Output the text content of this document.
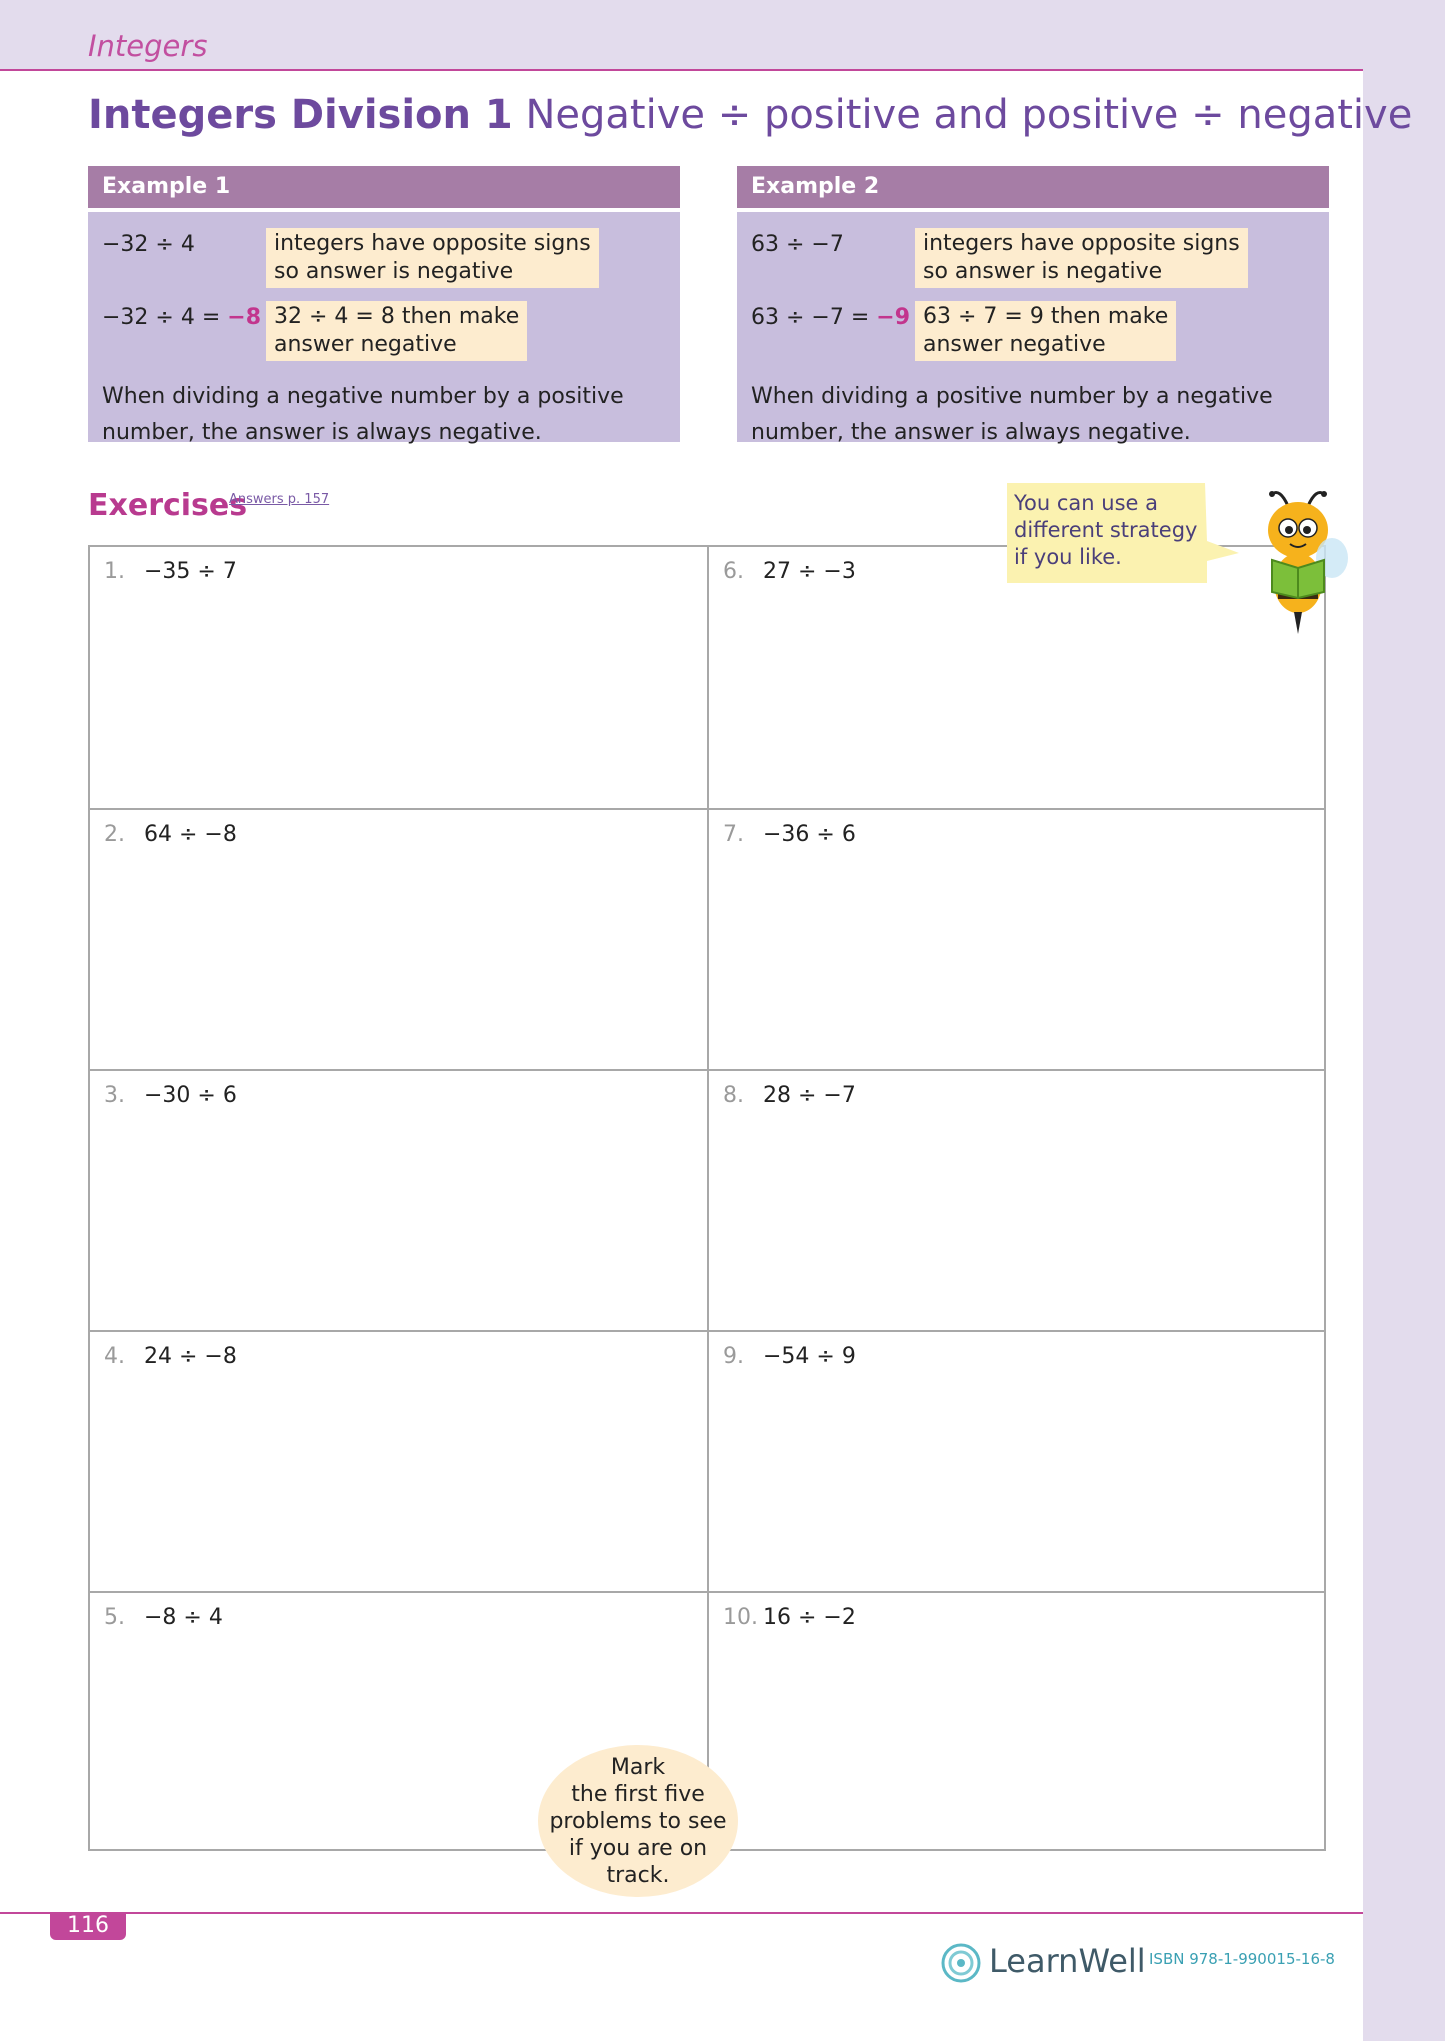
Integers
Integers Division 1 Negative ÷ positive and positive ÷ negative
Example 1
−32 ÷ 4	integers have opposite signs
so answer is negative
−32 ÷ 4 = −8 32 ÷ 4 = 8 then make
answer negative
When dividing a negative number by a positive
number, the answer is always negative.
Example 2
63 ÷ −7	integers have opposite signs
so answer is negative
63 ÷ −7 = −9 63 ÷ 7 = 9 then make
answer negative
When dividing a positive number by a negative
number, the answer is always negative.
Exercises
Answers p. 157
1. −35 ÷ 7
2. 64 ÷ −8
3. −30 ÷ 6
4. 24 ÷ −8
5. −8 ÷ 4
6. 27 ÷ −3
7. −36 ÷ 6
8. 28 ÷ −7
9. −54 ÷ 9
10. 16 ÷ −2
You can use a
different strategy
if you like.
Mark
the first five
problems to see
if you are on
track.
116
LearnWell ISBN 978-1-990015-16-8
